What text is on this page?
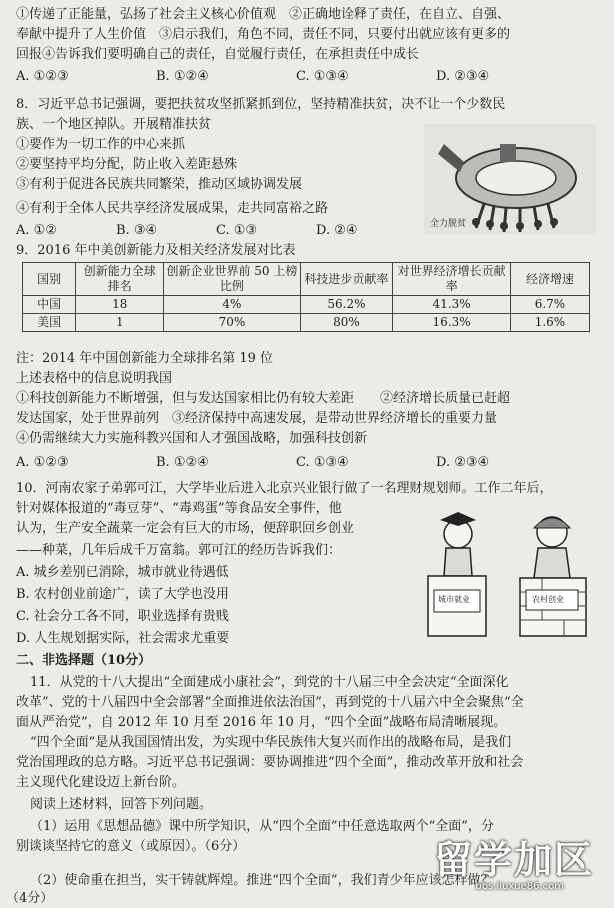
①传递了正能量，弘扬了社会主义核心价值观　②正确地诠释了责任，在自立、自强、
奉献中提升了人生价值　③启示我们，角色不同，责任不同，只要付出就应该有更多的
回报④告诉我们要明确自己的责任，自觉履行责任，在承担责任中成长
A. ①②③	B. ①②④	C. ①③④	D. ②③④
8．习近平总书记强调，要把扶贫攻坚抓紧抓到位，坚持精准扶贫，决不让一个少数民
族、一个地区掉队。开展精准扶贫
①要作为一切工作的中心来抓
②要坚持平均分配，防止收入差距悬殊
③有利于促进各民族共同繁荣，推动区域协调发展
④有利于全体人民共享经济发展成果，走共同富裕之路
A. ①②	B. ③④	C. ①③	D. ②④	全力脱贫
9．2016 年中美创新能力及相关经济发展对比表
国别	创新能力全球排名	创新企业世界前 50 上榜比例	科技进步贡献率	对世界经济增长贡献率	经济增速
中国	18	4%	56.2%	41.3%	6.7%
美国	1	70%	80%	16.3%	1.6%
注：2014 年中国创新能力全球排名第 19 位
上述表格中的信息说明我国
①科技创新能力不断增强，但与发达国家相比仍有较大差距　　②经济增长质量已赶超
发达国家，处于世界前列　③经济保持中高速发展，是带动世界经济增长的重要力量
④仍需继续大力实施科教兴国和人才强国战略，加强科技创新
A. ①②③	B. ①②④	C. ①③④	D. ②③④
10．河南农家子弟郭可江，大学毕业后进入北京兴业银行做了一名理财规划师。工作二年后，
针对媒体报道的“毒豆芽”、“毒鸡蛋”等食品安全事件，他
认为，生产安全蔬菜一定会有巨大的市场，便辞职回乡创业
——种菜，几年后成千万富翁。郭可江的经历告诉我们：
A. 城乡差别已消除，城市就业待遇低
B. 农村创业前途广，读了大学也没用
C. 社会分工各不同，职业选择有贵贱
D. 人生规划据实际，社会需求尤重要
城市就业	农村创业
二、非选择题（10分）
11．从党的十八大提出“全面建成小康社会”，到党的十八届三中全会决定“全面深化
改革”、党的十八届四中全会部署“全面推进依法治国”，再到党的十八届六中全会聚焦“全
面从严治党”，自 2012 年 10 月至 2016 年 10 月，“四个全面”战略布局清晰展现。
“四个全面”是从我国国情出发，为实现中华民族伟大复兴而作出的战略布局，是我们
党治国理政的总方略。习近平总书记强调：要协调推进“四个全面”，推动改革开放和社会
主义现代化建设迈上新台阶。
阅读上述材料，回答下列问题。
（1）运用《思想品德》课中所学知识，从“四个全面”中任意选取两个“全面”，分
别谈谈坚持它的意义（或原因）。（6分）
（2）使命重在担当，实干铸就辉煌。推进“四个全面”，我们青少年应该怎样做？
（4分）
留学加区
bbs.liuxue86.com
